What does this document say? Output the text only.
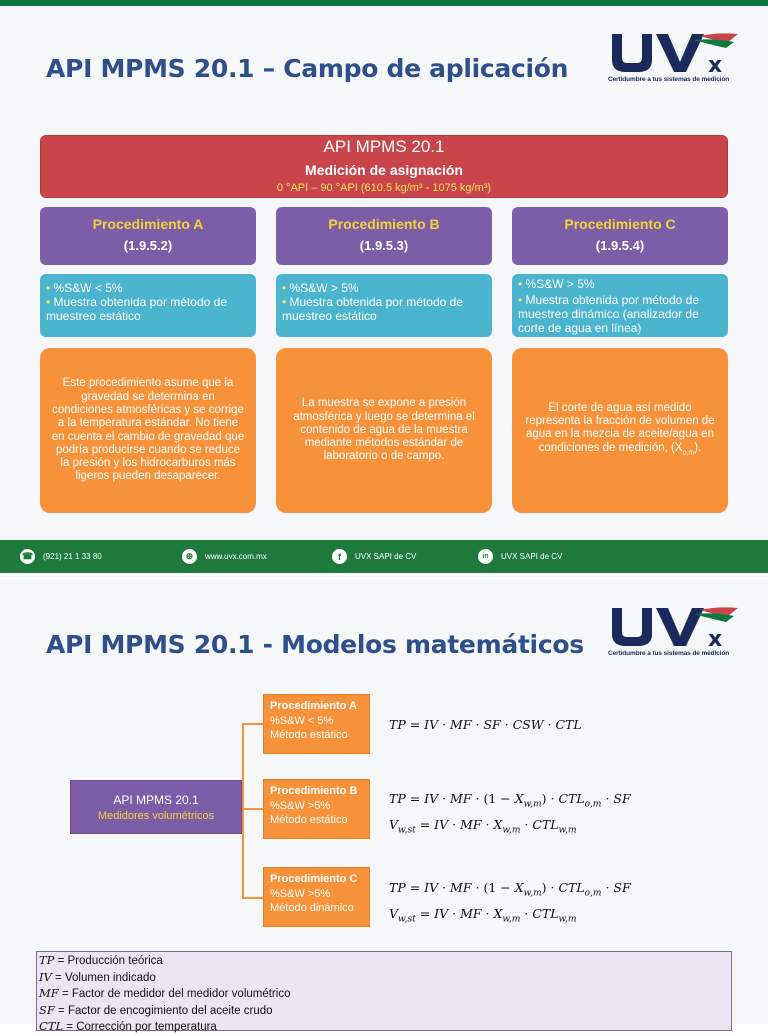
API MPMS 20.1 – Campo de aplicación	x
Certidumbre a tus sistemas de medición
API MPMS 20.1
Medición de asignación
0 °API – 90 °API (610.5 kg/m³ - 1075 kg/m³)
Procedimiento A
(1.9.5.2)
• %S&W < 5%
• Muestra obtenida por método de muestreo estático
Este procedimiento asume que la gravedad se determina en condiciones atmosféricas y se corrige a la temperatura estándar. No tiene en cuenta el cambio de gravedad que podría producirse cuando se reduce la presión y los hidrocarburos más ligeros pueden desaparecer.
Procedimiento B
(1.9.5.3)
• %S&W > 5%
• Muestra obtenida por método de muestreo estático
La muestra se expone a presión atmosférica y luego se determina el contenido de agua de la muestra mediante métodos estándar de laboratorio o de campo.
Procedimiento C
(1.9.5.4)
• %S&W > 5%
• Muestra obtenida por método de muestreo dinámico (analizador de corte de agua en línea)
El corte de agua así medido representa la fracción de volumen de agua en la mezcia de aceite/agua en condiciones de medición, $(X_{o,m})$.
☎ (921) 21 1 33 80	⊕	www.uvx.com.mx	f	UVX SAPI de CV	in	UVX SAPI de CV
API MPMS 20.1 - Modelos matemáticos	x
Certidumbre a tus sistemas de medición
API MPMS 20.1
Medidores volumétricos
Procedimiento A
%S&W < 5%
Método estático
Procedimiento B
%S&W >5%
Método estático
Procedimiento C
%S&W >5%
Método dinámico
TP = IV · MF · SF · CSW · CTL
TP = IV · MF · $(1 - X_{w,m}) \cdot CTL_{o,m}$ · SF
$V_{w,st}$ = IV · MF · $X_{w,m} \cdot CTL_{w,m}$
TP = IV · MF · $(1 - X_{w,m}) \cdot CTL_{o,m}$ · SF
$V_{w,st}$ = IV · MF · $X_{w,m} \cdot CTL_{w,m}$
TP = Producción teórica
IV = Volumen indicado
MF = Factor de medidor del medidor volumétrico
SF = Factor de encogimiento del aceite crudo
CTL = Corrección por temperatura
